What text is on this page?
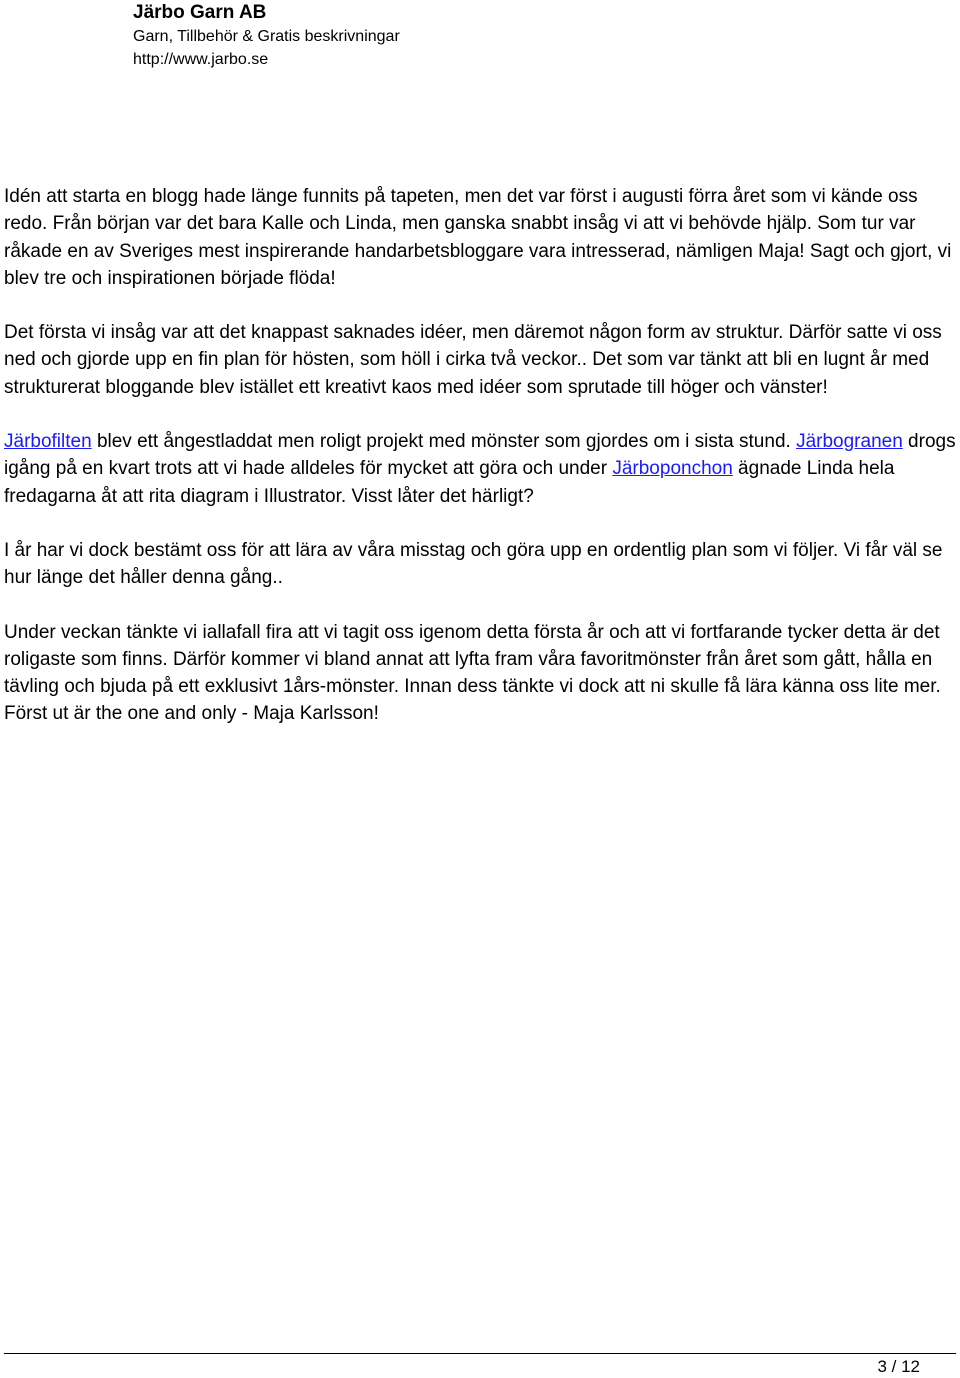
Järbo Garn AB
Garn, Tillbehör & Gratis beskrivningar
http://www.jarbo.se

Idén att starta en blogg hade länge funnits på tapeten, men det var först i augusti förra året som vi kände oss redo. Från början var det bara Kalle och Linda, men ganska snabbt insåg vi att vi behövde hjälp. Som tur var råkade en av Sveriges mest inspirerande handarbetsbloggare vara intresserad, nämligen Maja! Sagt och gjort, vi blev tre och inspirationen började flöda!

Det första vi insåg var att det knappast saknades idéer, men däremot någon form av struktur. Därför satte vi oss ned och gjorde upp en fin plan för hösten, som höll i cirka två veckor.. Det som var tänkt att bli en lugnt år med strukturerat bloggande blev istället ett kreativt kaos med idéer som sprutade till höger och vänster!

Järbofilten blev ett ångestladdat men roligt projekt med mönster som gjordes om i sista stund. Järbogranen drogs igång på en kvart trots att vi hade alldeles för mycket att göra och under Järboponchon ägnade Linda hela fredagarna åt att rita diagram i Illustrator. Visst låter det härligt?

I år har vi dock bestämt oss för att lära av våra misstag och göra upp en ordentlig plan som vi följer. Vi får väl se hur länge det håller denna gång..

Under veckan tänkte vi iallafall fira att vi tagit oss igenom detta första år och att vi fortfarande tycker detta är det roligaste som finns. Därför kommer vi bland annat att lyfta fram våra favoritmönster från året som gått, hålla en tävling och bjuda på ett exklusivt 1års-mönster. Innan dess tänkte vi dock att ni skulle få lära känna oss lite mer. Först ut är the one and only - Maja Karlsson!

3 / 12
